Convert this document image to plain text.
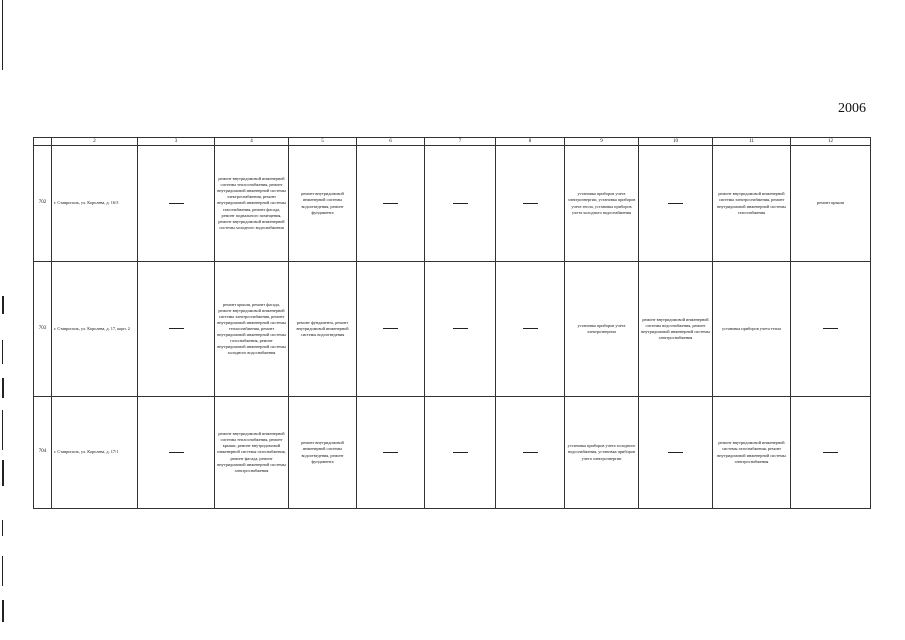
2006
	2	3	4	5	6	7	8	9	10	11	12
702	г. Ставрополь, ул. Королева, д. 16/3		ремонт внутридомовой инженерной системы теплоснабжения, ремонт внутридомовой инженерной системы электроснабжения, ремонт внутридомовой инженерной системы газоснабжения, ремонт фасада, ремонт подвального помещения, ремонт внутридомовой инженерной системы холодного водоснабжения	ремонт внутридомовой инженерной системы водоотведения, ремонт фундамента				установка приборов учета электроэнергии, установка приборов учета тепла, установка приборов учета холодного водоснабжения		ремонт внутридомовой инженерной системы электроснабжения, ремонт внутридомовой инженерной системы газоснабжения	ремонт крыши
703	г. Ставрополь, ул. Королева, д. 17, корп. 2		ремонт крыши, ремонт фасада, ремонт внутридомовой инженерной системы электроснабжения, ремонт внутридомовой инженерной системы теплоснабжения, ремонт внутридомовой инженерной системы газоснабжения, ремонт внутридомовой инженерной системы холодного водоснабжения	ремонт фундамента, ремонт внутридомовой инженерной системы водоотведения				установка приборов учета электроэнергии	ремонт внутридомовой инженерной системы водоснабжения, ремонт внутридомовой инженерной системы электроснабжения	установка приборов учета тепла	
704	г. Ставрополь, ул. Королева, д. 17/1		ремонт внутридомовой инженерной системы теплоснабжения, ремонт крыши, ремонт внутридомовой инженерной системы газоснабжения, ремонт фасада, ремонт внутридомовой инженерной системы электроснабжения	ремонт внутридомовой инженерной системы водоотведения, ремонт фундамента				установка приборов учета холодного водоснабжения, установка приборов учета электроэнергии		ремонт внутридомовой инженерной системы газоснабжения, ремонт внутридомовой инженерной системы электроснабжения	
